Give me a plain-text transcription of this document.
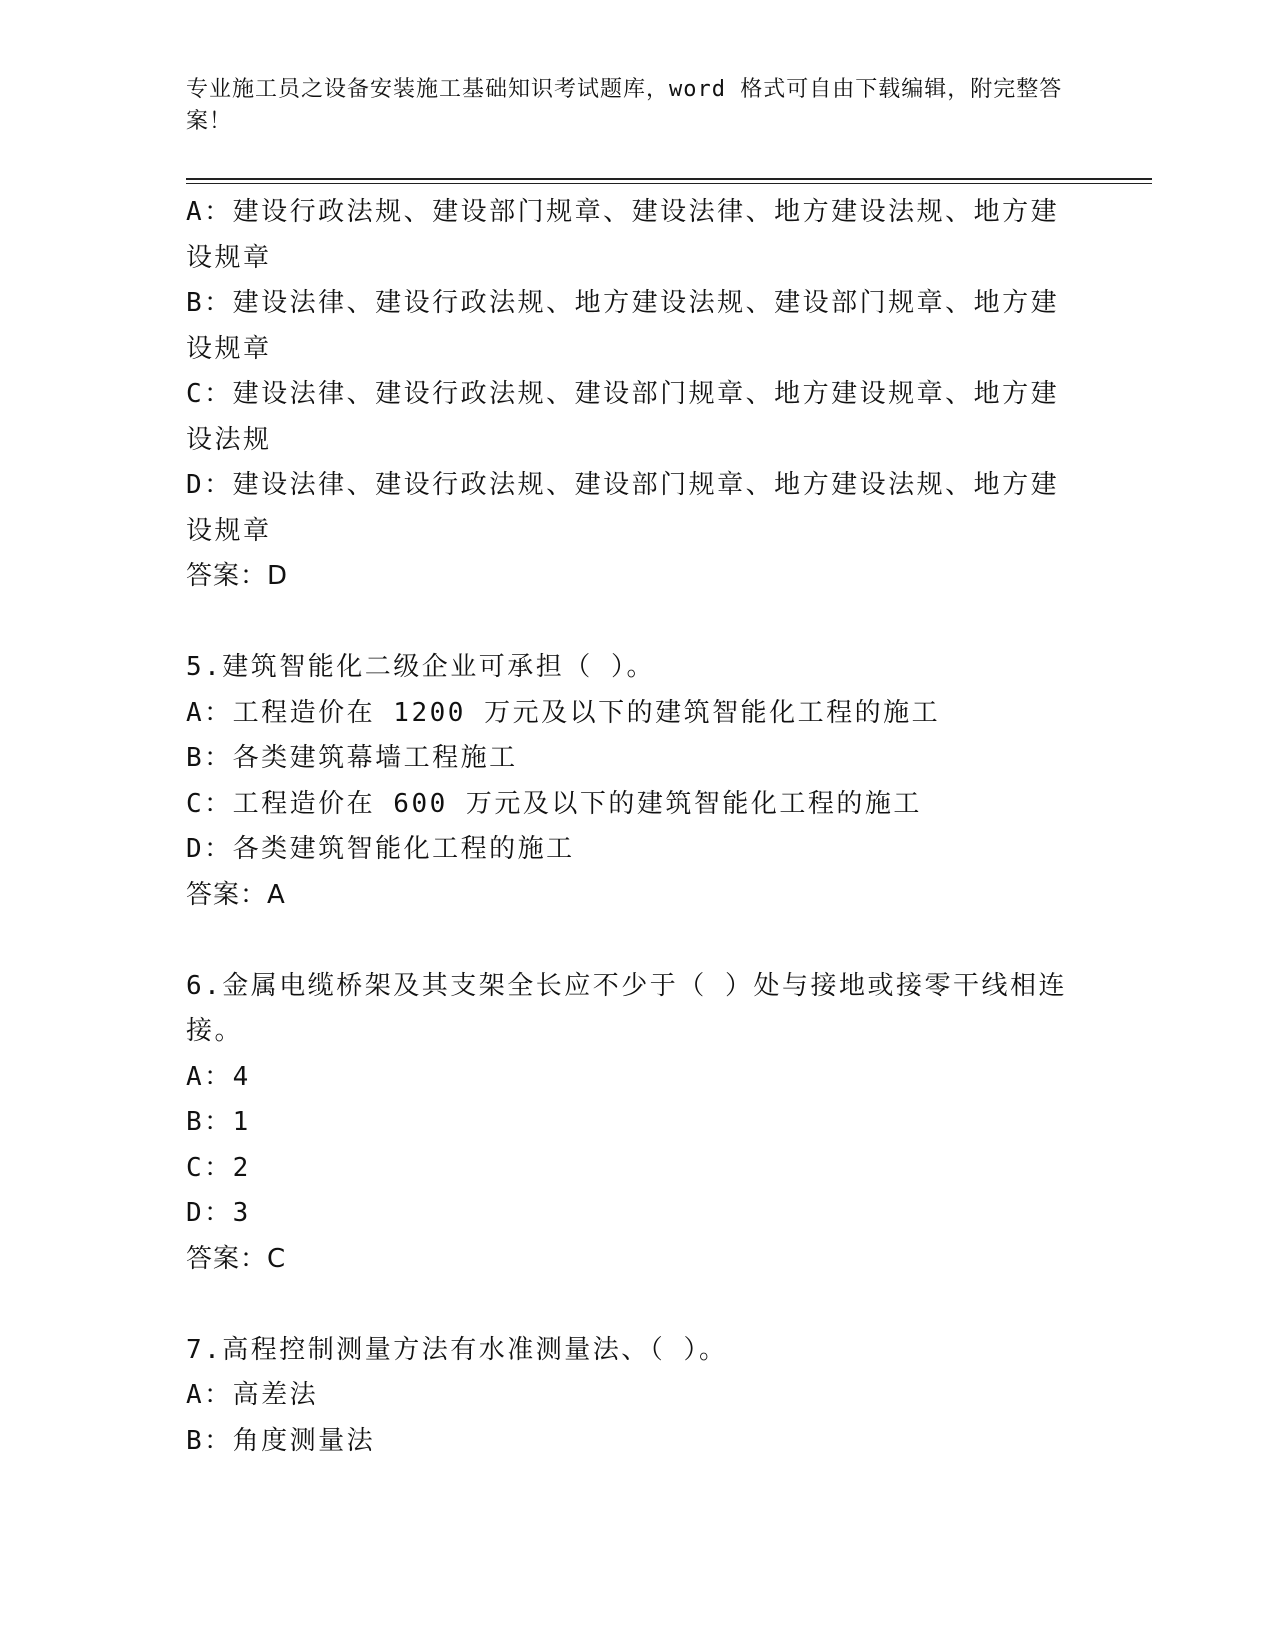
专业施工员之设备安装施工基础知识考试题库，word 格式可自由下载编辑，附完整答案！
A：建设行政法规、建设部门规章、建设法律、地方建设法规、地方建设规章
B：建设法律、建设行政法规、地方建设法规、建设部门规章、地方建设规章
C：建设法律、建设行政法规、建设部门规章、地方建设规章、地方建设法规
D：建设法律、建设行政法规、建设部门规章、地方建设法规、地方建设规章
答案：D
5.建筑智能化二级企业可承担（ ）。
A：工程造价在 1200 万元及以下的建筑智能化工程的施工
B：各类建筑幕墙工程施工
C：工程造价在 600 万元及以下的建筑智能化工程的施工
D：各类建筑智能化工程的施工
答案：A
6.金属电缆桥架及其支架全长应不少于（ ）处与接地或接零干线相连接。
A：4
B：1
C：2
D：3
答案：C
7.高程控制测量方法有水准测量法、（ ）。
A：高差法
B：角度测量法
